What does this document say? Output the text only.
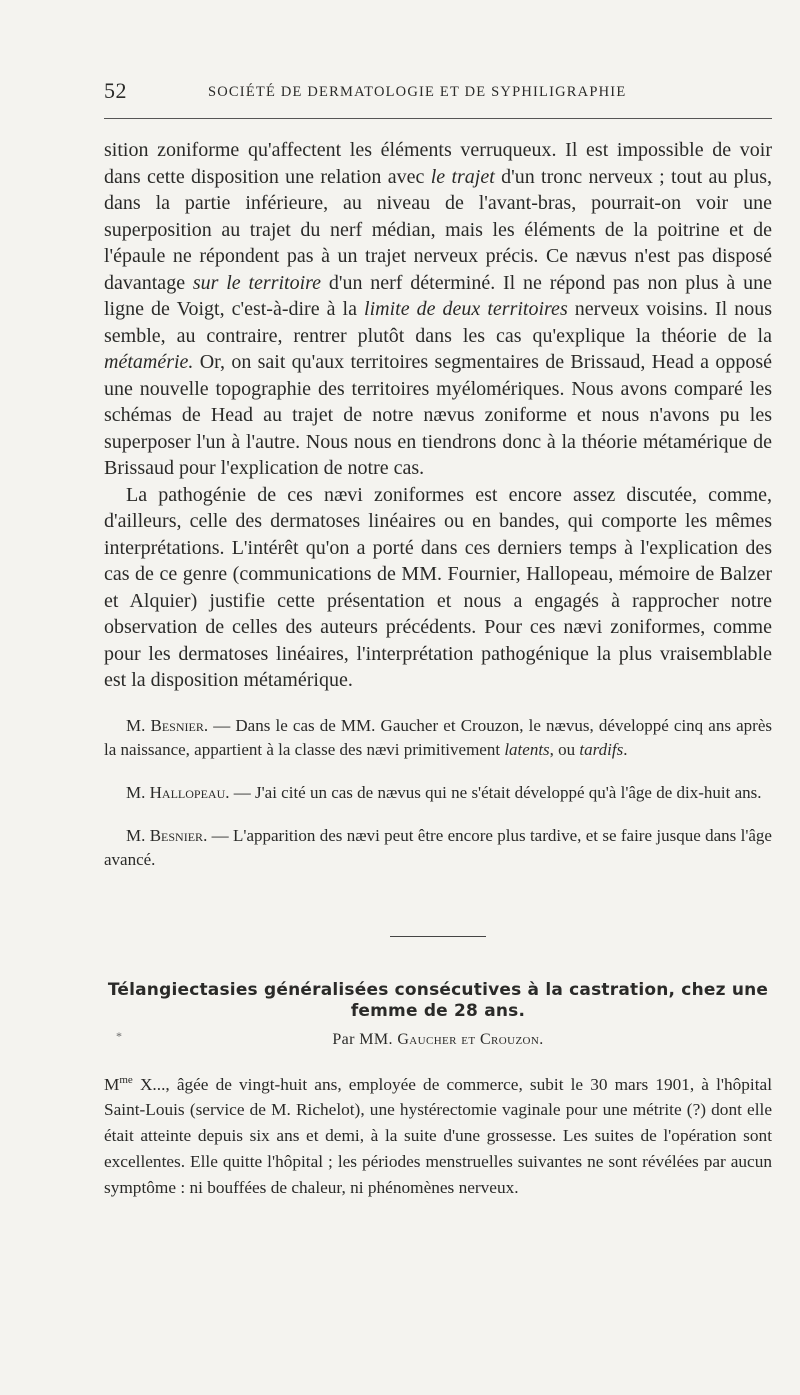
52	SOCIÉTÉ DE DERMATOLOGIE ET DE SYPHILIGRAPHIE

sition zoniforme qu'affectent les éléments verruqueux. Il est impossible de voir dans cette disposition une relation avec le trajet d'un tronc nerveux ; tout au plus, dans la partie inférieure, au niveau de l'avant-bras, pourrait-on voir une superposition au trajet du nerf médian, mais les éléments de la poitrine et de l'épaule ne répondent pas à un trajet nerveux précis. Ce nævus n'est pas disposé davantage sur le territoire d'un nerf déterminé. Il ne répond pas non plus à une ligne de Voigt, c'est-à-dire à la limite de deux territoires nerveux voisins. Il nous semble, au contraire, rentrer plutôt dans les cas qu'explique la théorie de la métamérie. Or, on sait qu'aux territoires segmentaires de Brissaud, Head a opposé une nouvelle topographie des territoires myélomériques. Nous avons comparé les schémas de Head au trajet de notre nævus zoniforme et nous n'avons pu les superposer l'un à l'autre. Nous nous en tiendrons donc à la théorie métamérique de Brissaud pour l'explication de notre cas.

La pathogénie de ces nævi zoniformes est encore assez discutée, comme, d'ailleurs, celle des dermatoses linéaires ou en bandes, qui comporte les mêmes interprétations. L'intérêt qu'on a porté dans ces derniers temps à l'explication des cas de ce genre (communications de MM. Fournier, Hallopeau, mémoire de Balzer et Alquier) justifie cette présentation et nous a engagés à rapprocher notre observation de celles des auteurs précédents. Pour ces nævi zoniformes, comme pour les dermatoses linéaires, l'interprétation pathogénique la plus vraisemblable est la disposition métamérique.

M. Besnier. — Dans le cas de MM. Gaucher et Crouzon, le nævus, développé cinq ans après la naissance, appartient à la classe des nævi primitivement latents, ou tardifs.

M. Hallopeau. — J'ai cité un cas de nævus qui ne s'était développé qu'à l'âge de dix-huit ans.

M. Besnier. — L'apparition des nævi peut être encore plus tardive, et se faire jusque dans l'âge avancé.

Télangiectasies généralisées consécutives à la castration, chez une
femme de 28 ans.
*	Par MM. Gaucher et Crouzon.

$M^{me}$ X..., âgée de vingt-huit ans, employée de commerce, subit le 30 mars 1901, à l'hôpital Saint-Louis (service de M. Richelot), une hystérectomie vaginale pour une métrite (?) dont elle était atteinte depuis six ans et demi, à la suite d'une grossesse. Les suites de l'opération sont excellentes. Elle quitte l'hôpital ; les périodes menstruelles suivantes ne sont révélées par aucun symptôme : ni bouffées de chaleur, ni phénomènes nerveux.
